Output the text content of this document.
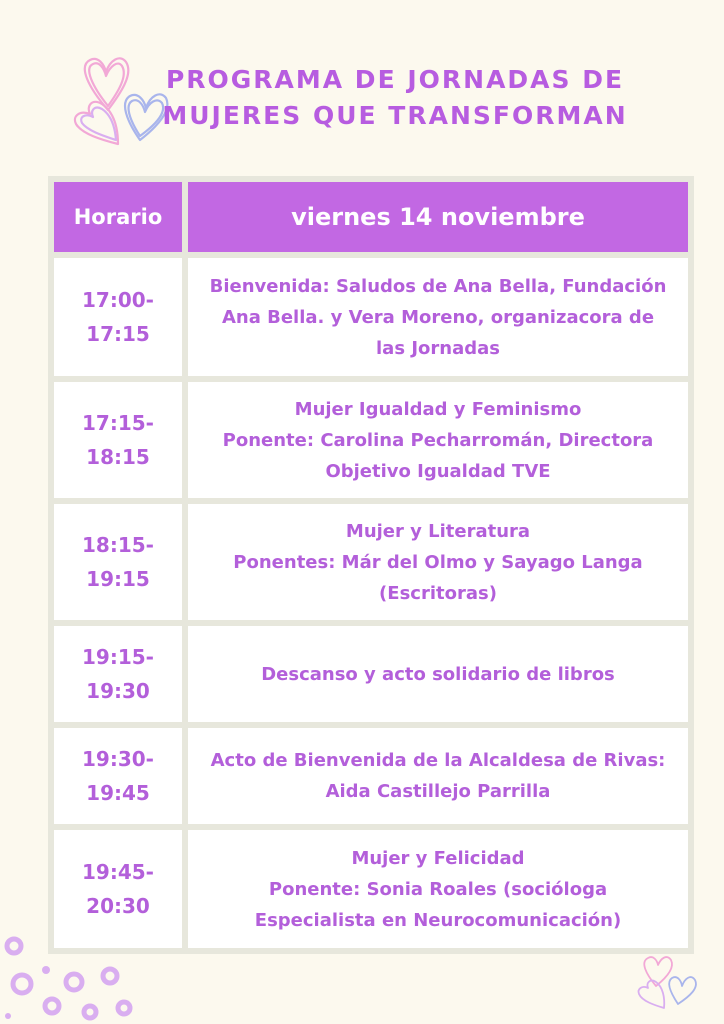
PROGRAMA DE JORNADAS DE
MUJERES QUE TRANSFORMAN
Horario	viernes 14 noviembre
17:00-
17:15
Bienvenida: Saludos de Ana Bella, Fundación
Ana Bella. y Vera Moreno, organizacora de
las Jornadas
17:15-
18:15
Mujer Igualdad y Feminismo
Ponente: Carolina Pecharromán, Directora
Objetivo Igualdad TVE
18:15-
19:15
Mujer y Literatura
Ponentes: Már del Olmo y Sayago Langa
(Escritoras)
19:15-
19:30
Descanso y acto solidario de libros
19:30-
19:45
Acto de Bienvenida de la Alcaldesa de Rivas:
Aida Castillejo Parrilla
19:45-
20:30
Mujer y Felicidad
Ponente: Sonia Roales (socióloga
Especialista en Neurocomunicación)
